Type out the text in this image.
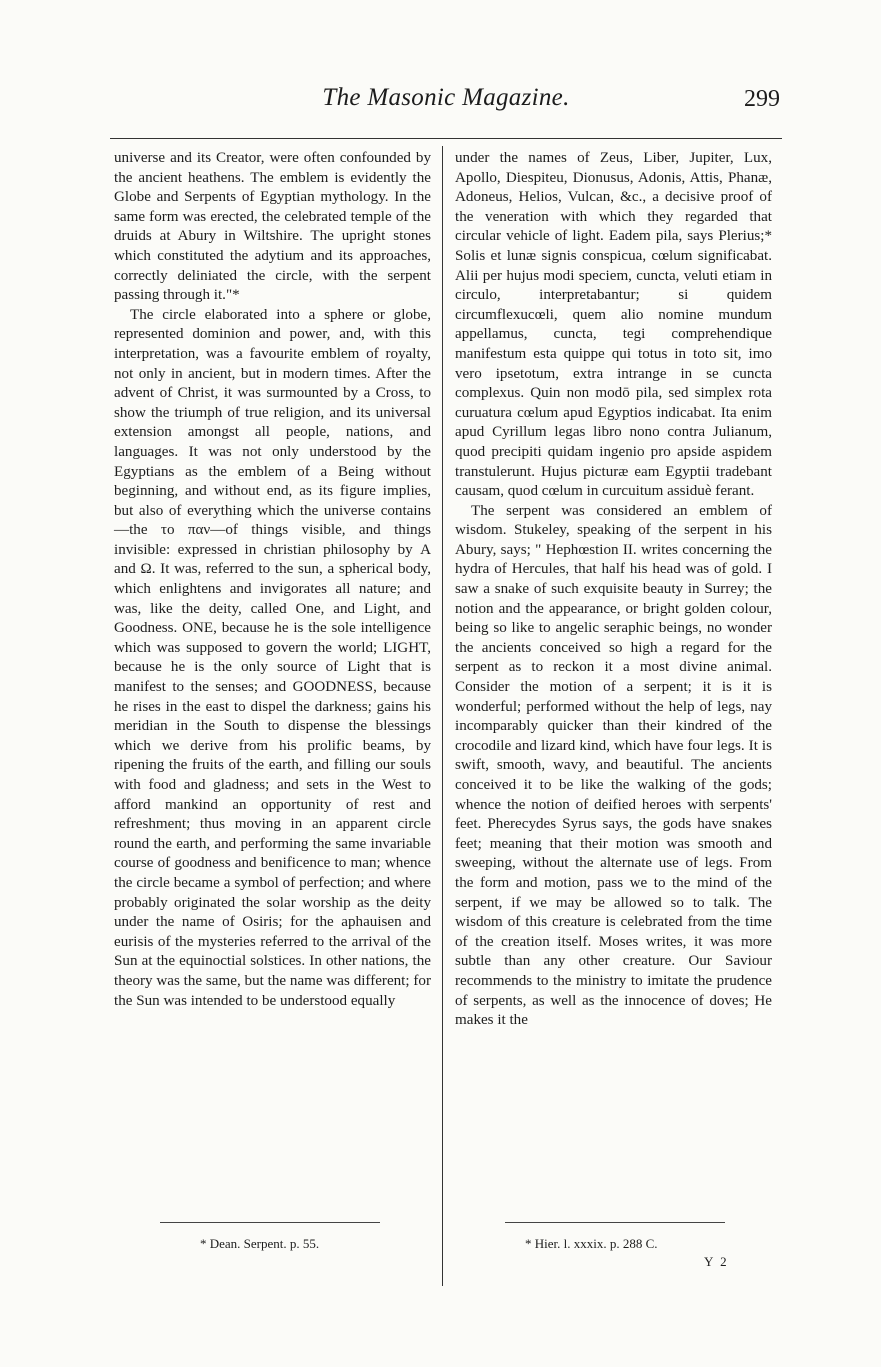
The Masonic Magazine.	299

universe and its Creator, were often confounded by the ancient heathens. The emblem is evidently the Globe and Serpents of Egyptian mythology. In the same form was erected, the celebrated temple of the druids at Abury in Wiltshire. The upright stones which constituted the adytium and its approaches, correctly deliniated the circle, with the serpent passing through it."*

The circle elaborated into a sphere or globe, represented dominion and power, and, with this interpretation, was a favourite emblem of royalty, not only in ancient, but in modern times. After the advent of Christ, it was surmounted by a Cross, to show the triumph of true religion, and its universal extension amongst all people, nations, and languages. It was not only understood by the Egyptians as the emblem of a Being without beginning, and without end, as its figure implies, but also of everything which the universe contains—the το παν—of things visible, and things invisible: expressed in christian philosophy by Α and Ω. It was, referred to the sun, a spherical body, which enlightens and invigorates all nature; and was, like the deity, called One, and Light, and Goodness. ONE, because he is the sole intelligence which was supposed to govern the world; LIGHT, because he is the only source of Light that is manifest to the senses; and GOODNESS, because he rises in the east to dispel the darkness; gains his meridian in the South to dispense the blessings which we derive from his prolific beams, by ripening the fruits of the earth, and filling our souls with food and gladness; and sets in the West to afford mankind an opportunity of rest and refreshment; thus moving in an apparent circle round the earth, and performing the same invariable course of goodness and benificence to man; whence the circle became a symbol of perfection; and where probably originated the solar worship as the deity under the name of Osiris; for the aphauisen and eurisis of the mysteries referred to the arrival of the Sun at the equinoctial solstices. In other nations, the theory was the same, but the name was different; for the Sun was intended to be understood equally

under the names of Zeus, Liber, Jupiter, Lux, Apollo, Diespiteu, Dionusus, Adonis, Attis, Phanæ, Adoneus, Helios, Vulcan, &c., a decisive proof of the veneration with which they regarded that circular vehicle of light. Eadem pila, says Plerius;* Solis et lunæ signis conspicua, cœlum significabat. Alii per hujus modi speciem, cuncta, veluti etiam in circulo, interpretabantur; si quidem circumflexucœli, quem alio nomine mundum appellamus, cuncta, tegi comprehendique manifestum esta quippe qui totus in toto sit, imo vero ipsetotum, extra intrange in se cuncta complexus. Quin non modō pila, sed simplex rota curuatura cœlum apud Egyptios indicabat. Ita enim apud Cyrillum legas libro nono contra Julianum, quod precipiti quidam ingenio pro apside aspidem transtulerunt. Hujus picturæ eam Egyptii tradebant causam, quod cœlum in curcuitum assiduè ferant.

The serpent was considered an emblem of wisdom. Stukeley, speaking of the serpent in his Abury, says; " Hephœstion II. writes concerning the hydra of Hercules, that half his head was of gold. I saw a snake of such exquisite beauty in Surrey; the notion and the appearance, or bright golden colour, being so like to angelic seraphic beings, no wonder the ancients conceived so high a regard for the serpent as to reckon it a most divine animal. Consider the motion of a serpent; it is it is wonderful; performed without the help of legs, nay incomparably quicker than their kindred of the crocodile and lizard kind, which have four legs. It is swift, smooth, wavy, and beautiful. The ancients conceived it to be like the walking of the gods; whence the notion of deified heroes with serpents' feet. Pherecydes Syrus says, the gods have snakes feet; meaning that their motion was smooth and sweeping, without the alternate use of legs. From the form and motion, pass we to the mind of the serpent, if we may be allowed so to talk. The wisdom of this creature is celebrated from the time of the creation itself. Moses writes, it was more subtle than any other creature. Our Saviour recommends to the ministry to imitate the prudence of serpents, as well as the innocence of doves; He makes it the

* Dean. Serpent. p. 55.	* Hier. l. xxxix. p. 288 C.
Y 2
